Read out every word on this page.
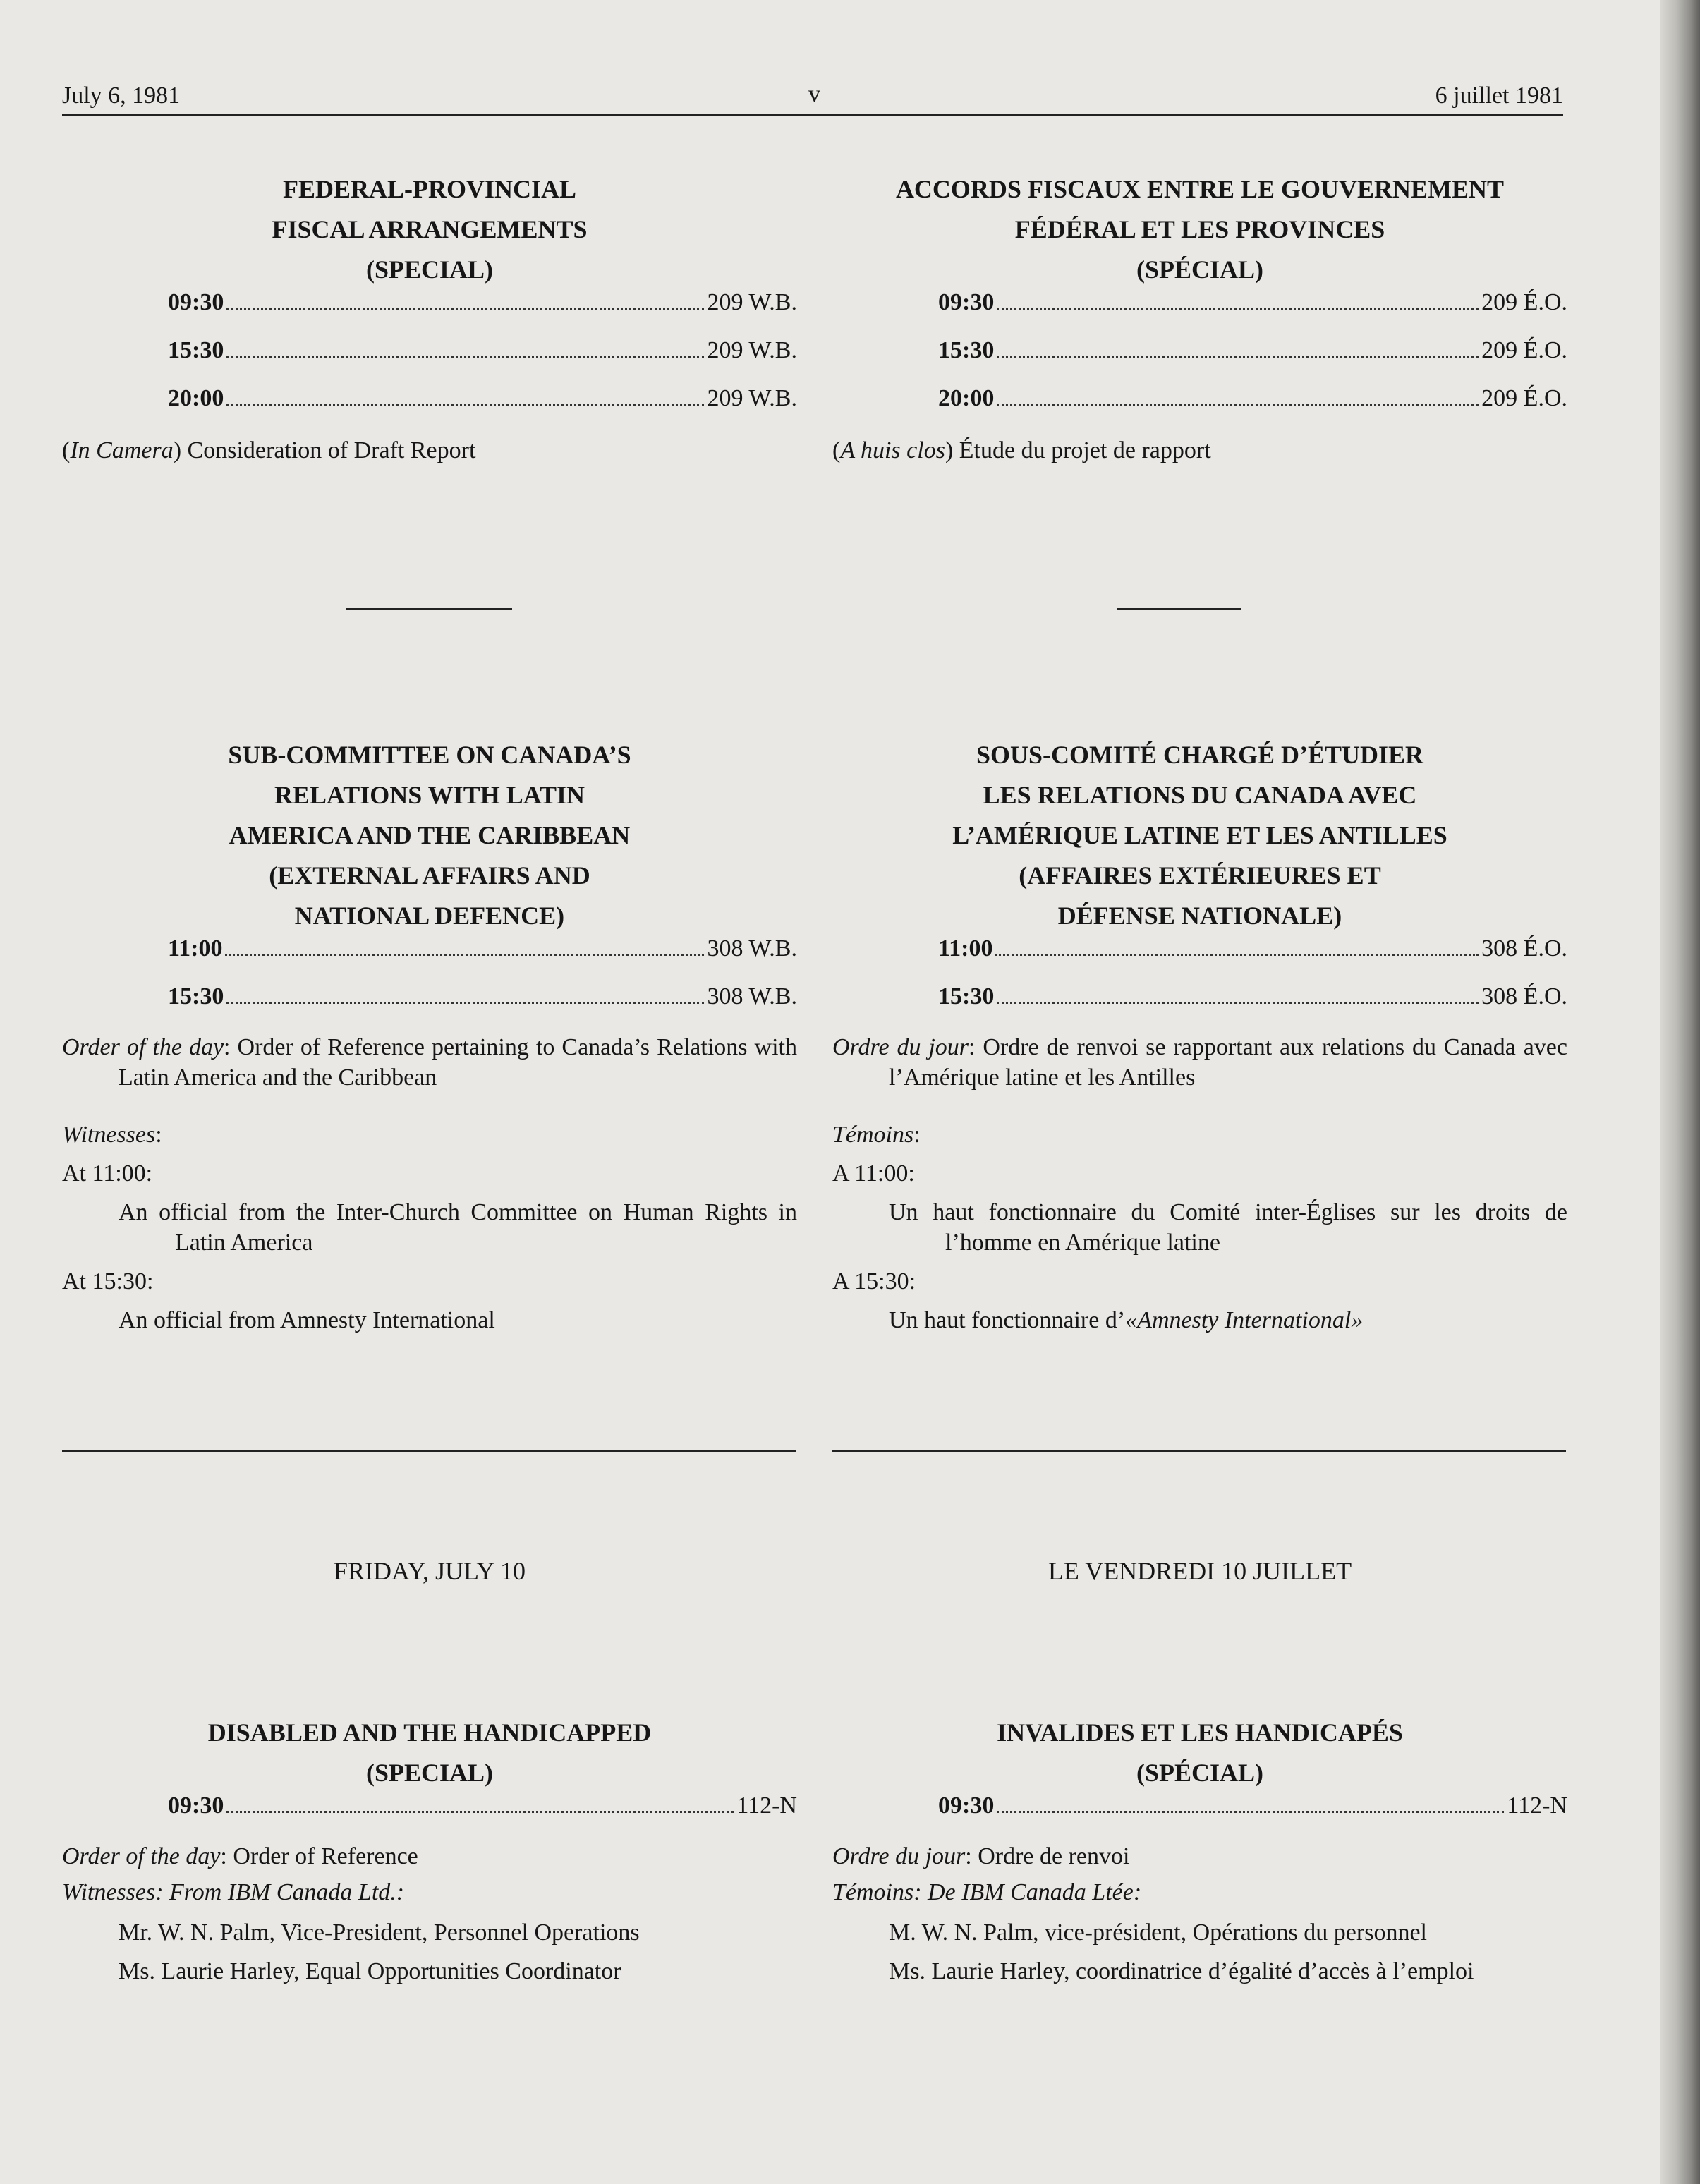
July 6, 1981	v	6 juillet 1981
FEDERAL-PROVINCIAL
FISCAL ARRANGEMENTS
(SPECIAL)
09:30	209 W.B.
15:30	209 W.B.
20:00	209 W.B.
(In Camera) Consideration of Draft Report
SUB-COMMITTEE ON CANADA’S
RELATIONS WITH LATIN
AMERICA AND THE CARIBBEAN
(EXTERNAL AFFAIRS AND
NATIONAL DEFENCE)
11:00	308 W.B.
15:30	308 W.B.
Order of the day: Order of Reference pertaining to Canada’s Relations with Latin America and the Caribbean
Witnesses:
At 11:00:
An official from the Inter-Church Committee on Human Rights in Latin America
At 15:30:
An official from Amnesty International
FRIDAY, JULY 10
DISABLED AND THE HANDICAPPED
(SPECIAL)
09:30	112-N
Order of the day: Order of Reference
Witnesses: From IBM Canada Ltd.:
Mr. W. N. Palm, Vice-President, Personnel Operations
Ms. Laurie Harley, Equal Opportunities Coordinator
ACCORDS FISCAUX ENTRE LE GOUVERNEMENT
FÉDÉRAL ET LES PROVINCES
(SPÉCIAL)
09:30	209 É.O.
15:30	209 É.O.
20:00	209 É.O.
(A huis clos) Étude du projet de rapport
SOUS-COMITÉ CHARGÉ D’ÉTUDIER
LES RELATIONS DU CANADA AVEC
L’AMÉRIQUE LATINE ET LES ANTILLES
(AFFAIRES EXTÉRIEURES ET
DÉFENSE NATIONALE)
11:00	308 É.O.
15:30	308 É.O.
Ordre du jour: Ordre de renvoi se rapportant aux relations du Canada avec l’Amérique latine et les Antilles
Témoins:
A 11:00:
Un haut fonctionnaire du Comité inter-Églises sur les droits de l’homme en Amérique latine
A 15:30:
Un haut fonctionnaire d’«Amnesty International»
LE VENDREDI 10 JUILLET
INVALIDES ET LES HANDICAPÉS
(SPÉCIAL)
09:30	112-N
Ordre du jour: Ordre de renvoi
Témoins: De IBM Canada Ltée:
M. W. N. Palm, vice-président, Opérations du personnel
Ms. Laurie Harley, coordinatrice d’égalité d’accès à l’emploi
